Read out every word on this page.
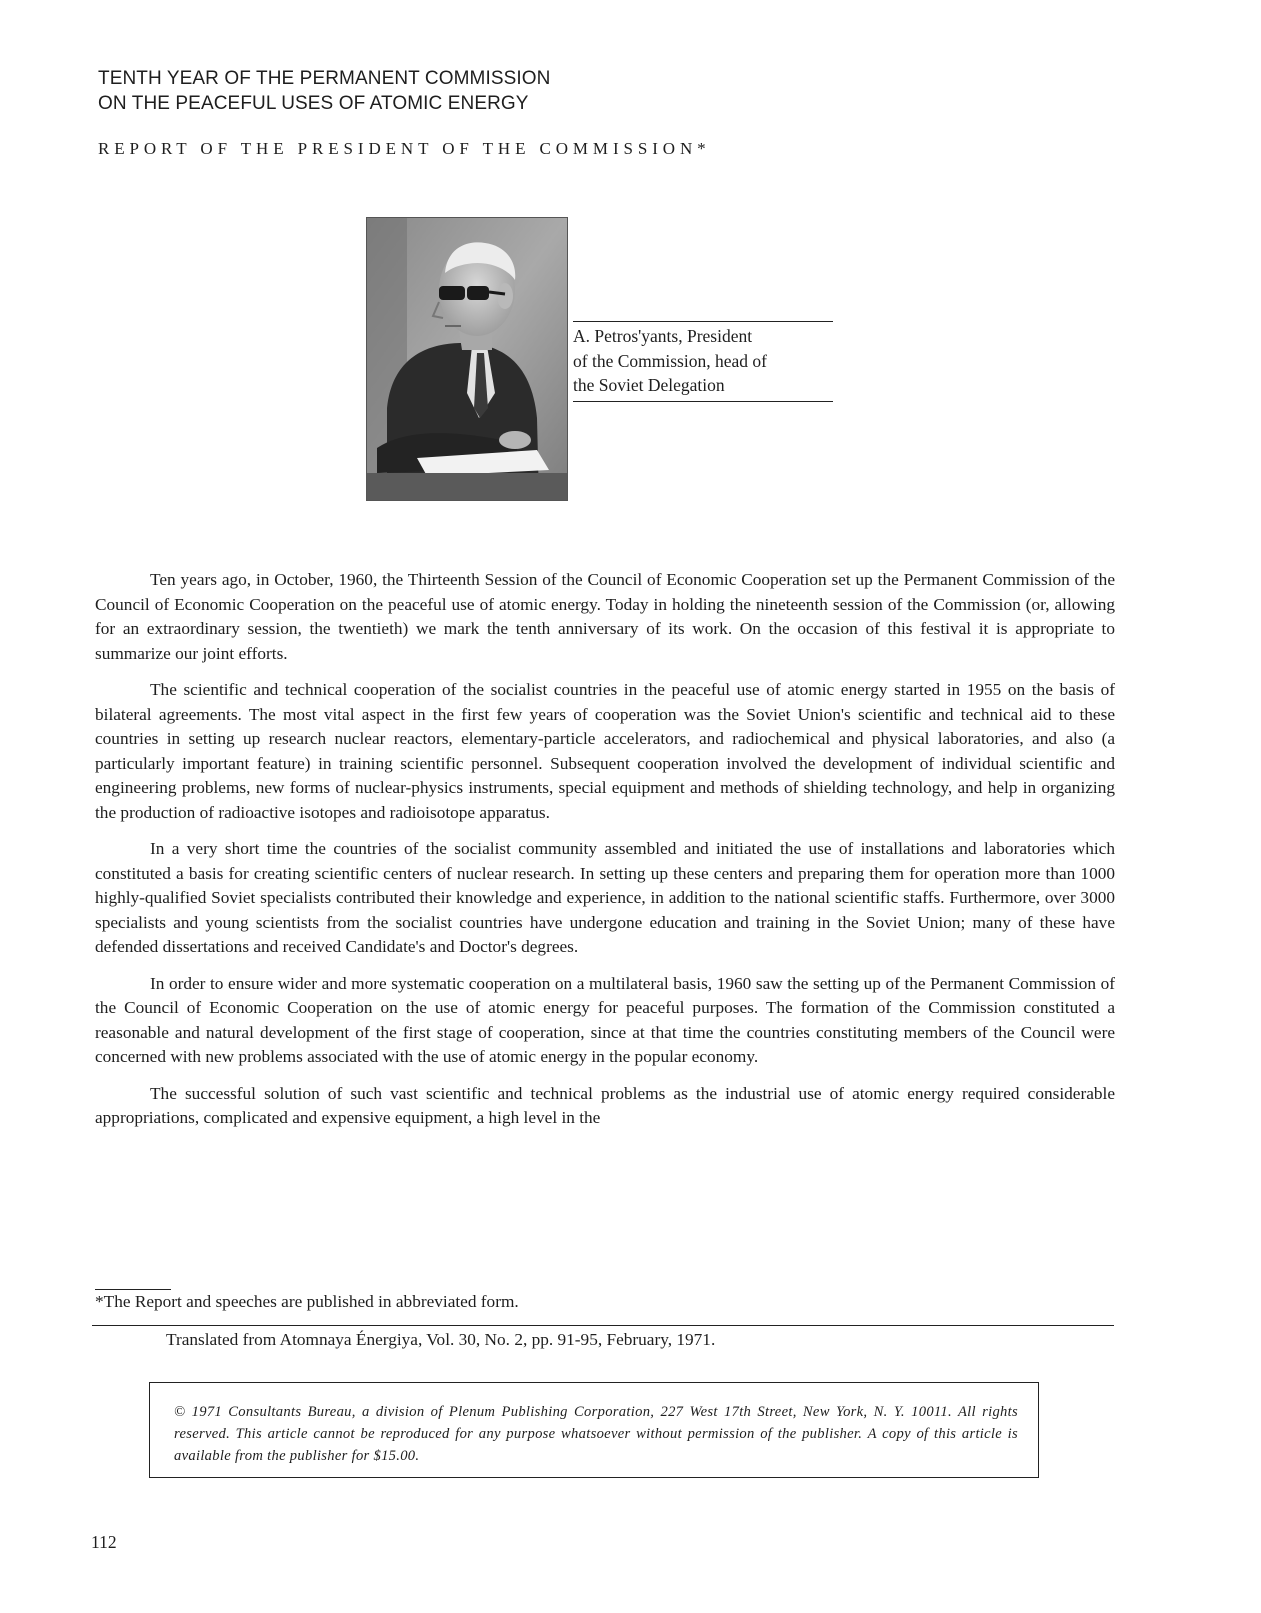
TENTH YEAR OF THE PERMANENT COMMISSION
ON THE PEACEFUL USES OF ATOMIC ENERGY
REPORT OF THE PRESIDENT OF THE COMMISSION*
A. Petros'yants, President
of the Commission, head of
the Soviet Delegation

Ten years ago, in October, 1960, the Thirteenth Session of the Council of Economic Cooperation set up the Permanent Commission of the Council of Economic Cooperation on the peaceful use of atomic energy. Today in holding the nineteenth session of the Commission (or, allowing for an extraordinary session, the twentieth) we mark the tenth anniversary of its work. On the occasion of this festival it is appropriate to summarize our joint efforts.

The scientific and technical cooperation of the socialist countries in the peaceful use of atomic energy started in 1955 on the basis of bilateral agreements. The most vital aspect in the first few years of cooperation was the Soviet Union's scientific and technical aid to these countries in setting up research nuclear reactors, elementary-particle accelerators, and radiochemical and physical laboratories, and also (a particularly important feature) in training scientific personnel. Subsequent cooperation involved the development of individual scientific and engineering problems, new forms of nuclear-physics instruments, special equipment and methods of shielding technology, and help in organizing the production of radioactive isotopes and radioisotope apparatus.

In a very short time the countries of the socialist community assembled and initiated the use of installations and laboratories which constituted a basis for creating scientific centers of nuclear research. In setting up these centers and preparing them for operation more than 1000 highly-qualified Soviet specialists contributed their knowledge and experience, in addition to the national scientific staffs. Furthermore, over 3000 specialists and young scientists from the socialist countries have undergone education and training in the Soviet Union; many of these have defended dissertations and received Candidate's and Doctor's degrees.

In order to ensure wider and more systematic cooperation on a multilateral basis, 1960 saw the setting up of the Permanent Commission of the Council of Economic Cooperation on the use of atomic energy for peaceful purposes. The formation of the Commission constituted a reasonable and natural development of the first stage of cooperation, since at that time the countries constituting members of the Council were concerned with new problems associated with the use of atomic energy in the popular economy.

The successful solution of such vast scientific and technical problems as the industrial use of atomic energy required considerable appropriations, complicated and expensive equipment, a high level in the

*The Report and speeches are published in abbreviated form.
Translated from Atomnaya Énergiya, Vol. 30, No. 2, pp. 91-95, February, 1971.
© 1971 Consultants Bureau, a division of Plenum Publishing Corporation, 227 West 17th Street, New York, N. Y. 10011. All rights reserved. This article cannot be reproduced for any purpose whatsoever without permission of the publisher. A copy of this article is available from the publisher for $15.00.
112
